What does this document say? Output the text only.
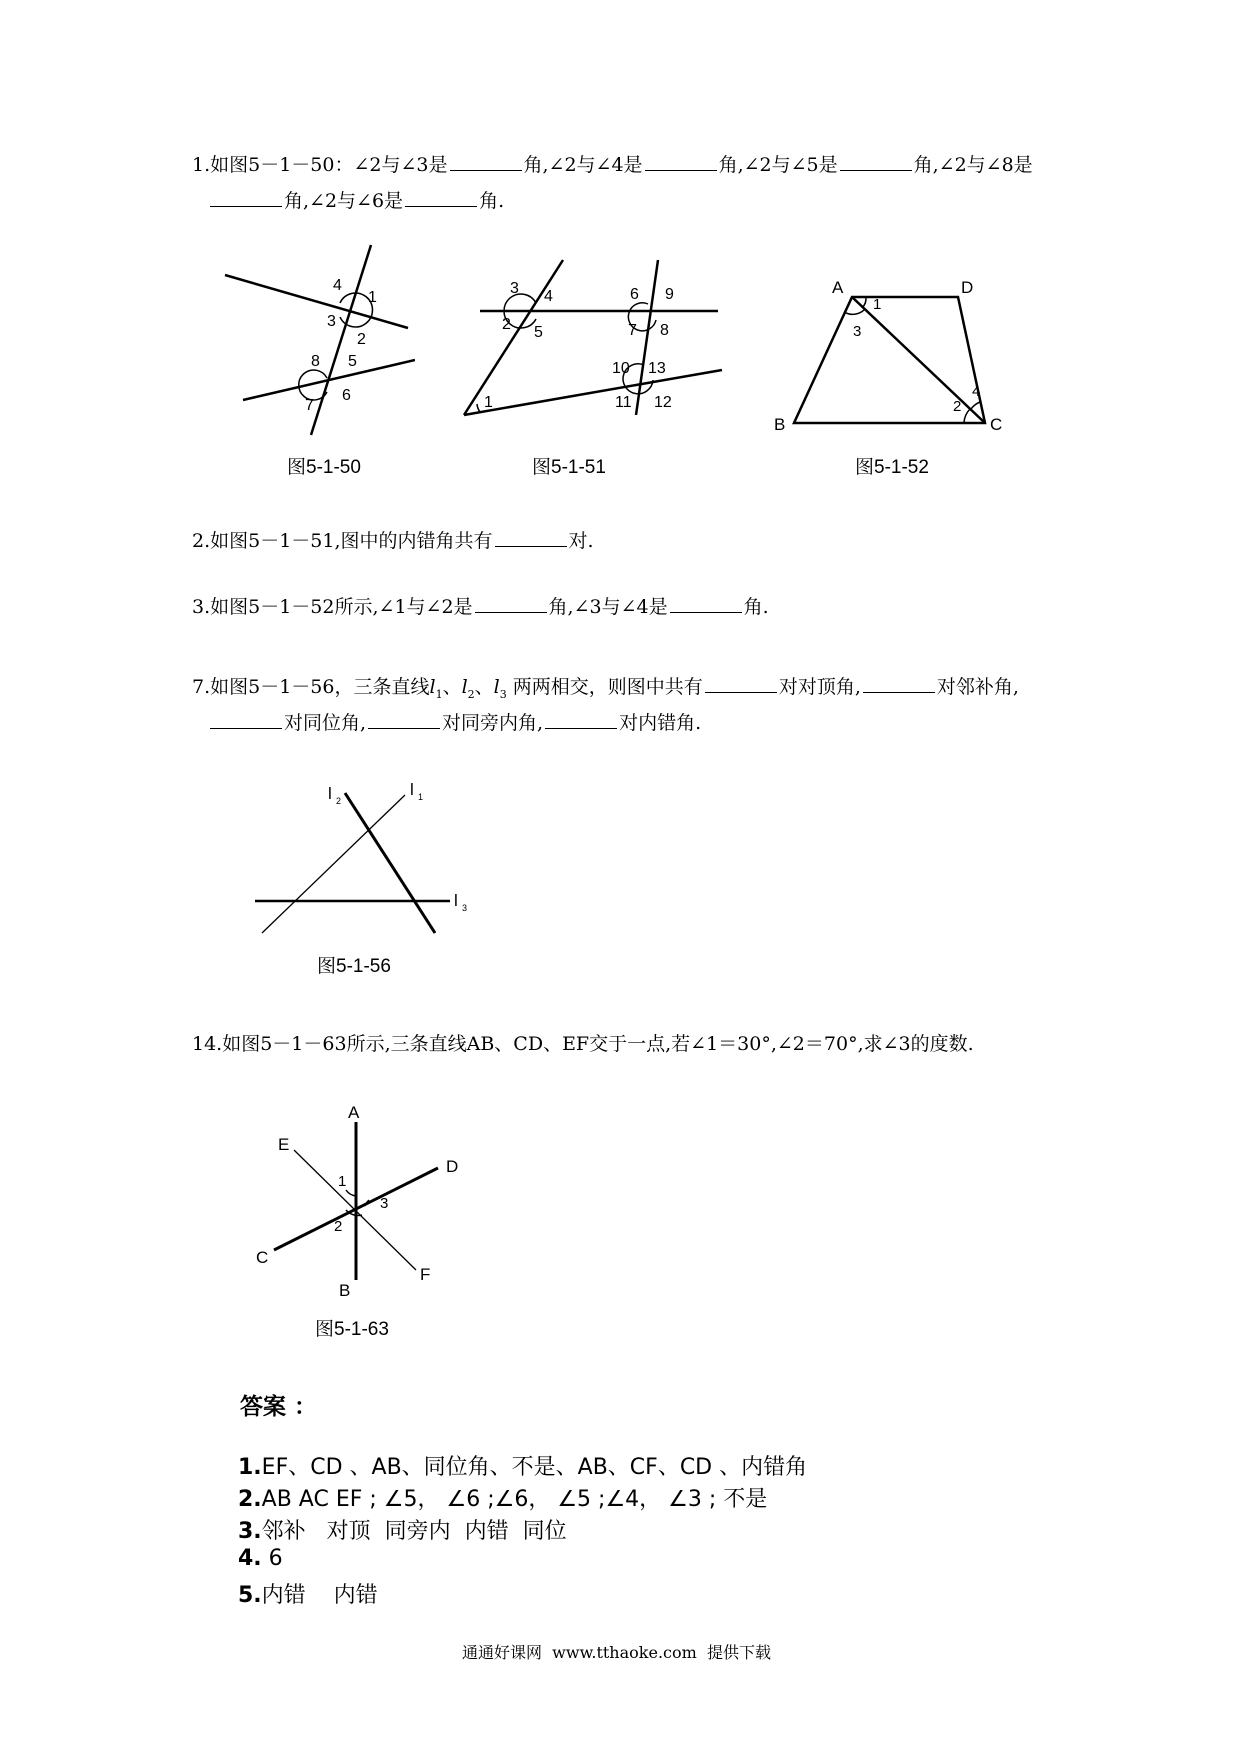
1.如图5－1－50：∠2与∠3是	角,∠2与∠4是	角,∠2与∠5是	角,∠2与∠8是
角,∠2与∠6是	角.
4
1
3
2
8 5
7
6
图5-1-50
3 4
2 5
6 9
7 8
10 13
11 12
1
图5-1-51
A	D
B	C
1
3
2
4
图5-1-52
2.如图5－1－51,图中的内错角共有	对.
3.如图5－1－52所示,∠1与∠2是	角,∠3与∠4是	角.
7.如图5－1－56，三条直线$l_1$、$l_2$、$l_3$ 两两相交，则图中共有	对对顶角,	对邻补角,
对同位角,	对同旁内角,	对内错角.
l 2
l 1
l 3
图5-1-56
14.如图5－1－63所示,三条直线AB、CD、EF交于一点,若∠1＝30°,∠2＝70°,求∠3的度数.
A
E
D
1
3
C
2
F
B
图5-1-63
答案 ：
1.EF、CD 、AB、同位角、不是、AB、CF、CD 、内错角
2.AB AC EF ; ∠5， ∠6 ;∠6， ∠5 ;∠4， ∠3 ; 不是
3.邻补   对顶  同旁内  内错  同位
4. 6
5.内错    内错
通通好课网  www.tthaoke.com  提供下载
